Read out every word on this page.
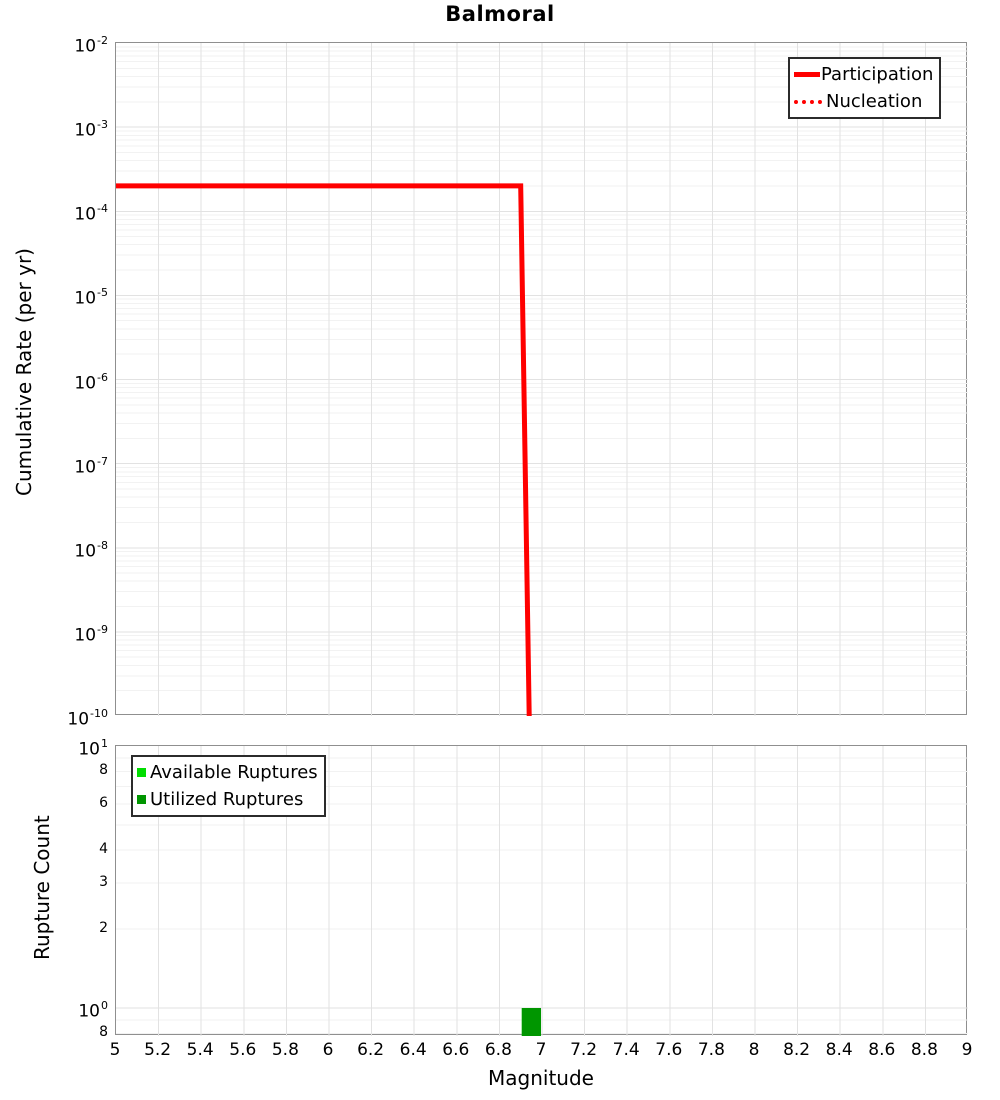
Balmoral
Cumulative Rate (per yr)
Rupture Count
$10^{-2}$
$10^{-3}$
$10^{-4}$
$10^{-5}$
$10^{-6}$
$10^{-7}$
$10^{-8}$
$10^{-9}$
$10^{-10}$
$10^1$
8
6
4
3
2
$10^0$
8
5 5.2 5.4 5.6 5.8 6 6.2 6.4 6.6 6.8 7 7.2 7.4 7.6 7.8 8 8.2 8.4 8.6 8.8 9
Participation
Nucleation
Available Ruptures
Utilized Ruptures
Magnitude
